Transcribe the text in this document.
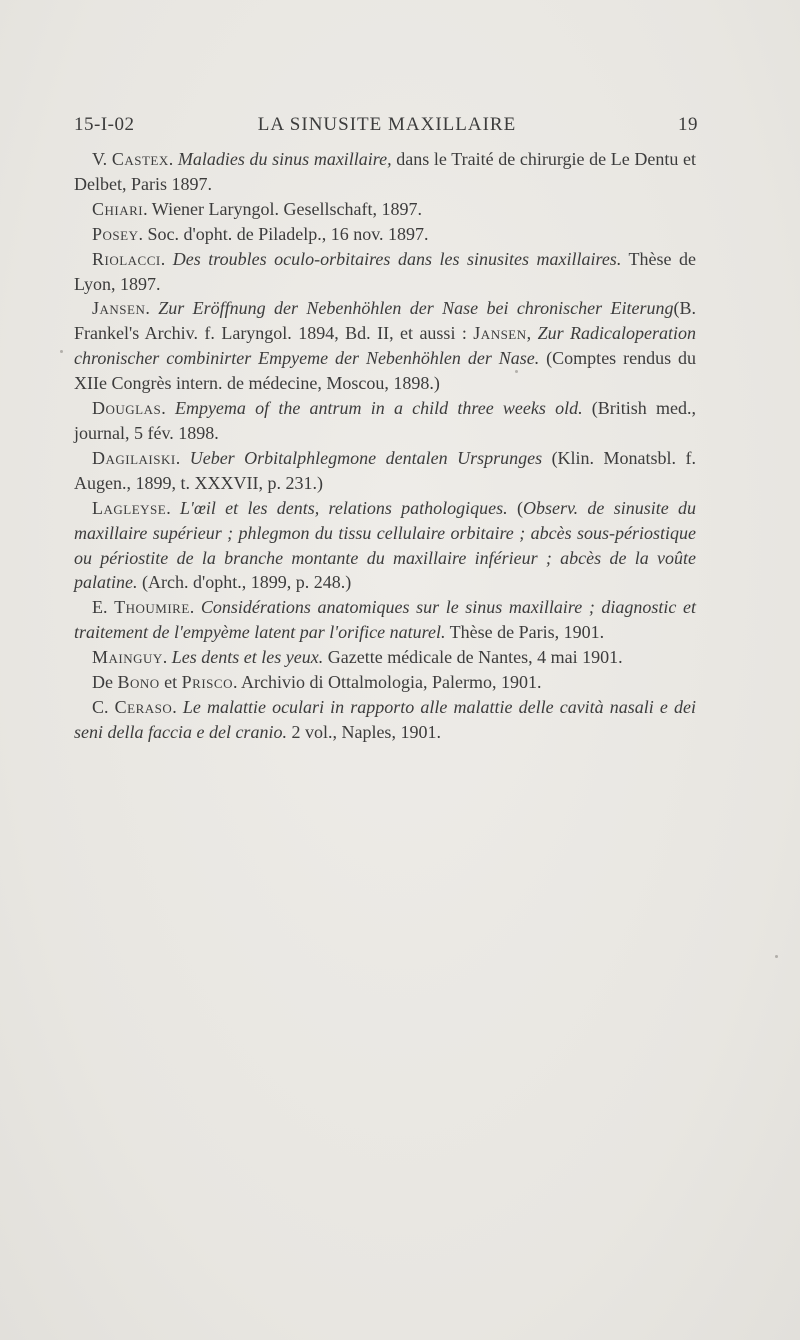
15-I-02	LA SINUSITE MAXILLAIRE	19

V. Castex. Maladies du sinus maxillaire, dans le Traité de chirurgie de Le Dentu et Delbet, Paris 1897.

Chiari. Wiener Laryngol. Gesellschaft, 1897.

Posey. Soc. d'opht. de Piladelp., 16 nov. 1897.

Riolacci. Des troubles oculo-orbitaires dans les sinusites maxillaires. Thèse de Lyon, 1897.

Jansen. Zur Eröffnung der Nebenhöhlen der Nase bei chronischer Eiterung(B. Frankel's Archiv. f. Laryngol. 1894, Bd. II, et aussi : Jansen, Zur Radicaloperation chronischer combinirter Empyeme der Nebenhöhlen der Nase. (Comptes rendus du XIIe Congrès intern. de médecine, Moscou, 1898.)

Douglas. Empyema of the antrum in a child three weeks old. (British med., journal, 5 fév. 1898.

Dagilaiski. Ueber Orbitalphlegmone dentalen Ursprunges (Klin. Monatsbl. f. Augen., 1899, t. XXXVII, p. 231.)

Lagleyse. L'œil et les dents, relations pathologiques. (Observ. de sinusite du maxillaire supérieur ; phlegmon du tissu cellulaire orbitaire ; abcès sous-périostique ou périostite de la branche montante du maxillaire inférieur ; abcès de la voûte palatine. (Arch. d'opht., 1899, p. 248.)

E. Thoumire. Considérations anatomiques sur le sinus maxillaire ; diagnostic et traitement de l'empyème latent par l'orifice naturel. Thèse de Paris, 1901.

Mainguy. Les dents et les yeux. Gazette médicale de Nantes, 4 mai 1901.

De Bono et Prisco. Archivio di Ottalmologia, Palermo, 1901.

C. Ceraso. Le malattie oculari in rapporto alle malattie delle cavità nasali e dei seni della faccia e del cranio. 2 vol., Naples, 1901.
